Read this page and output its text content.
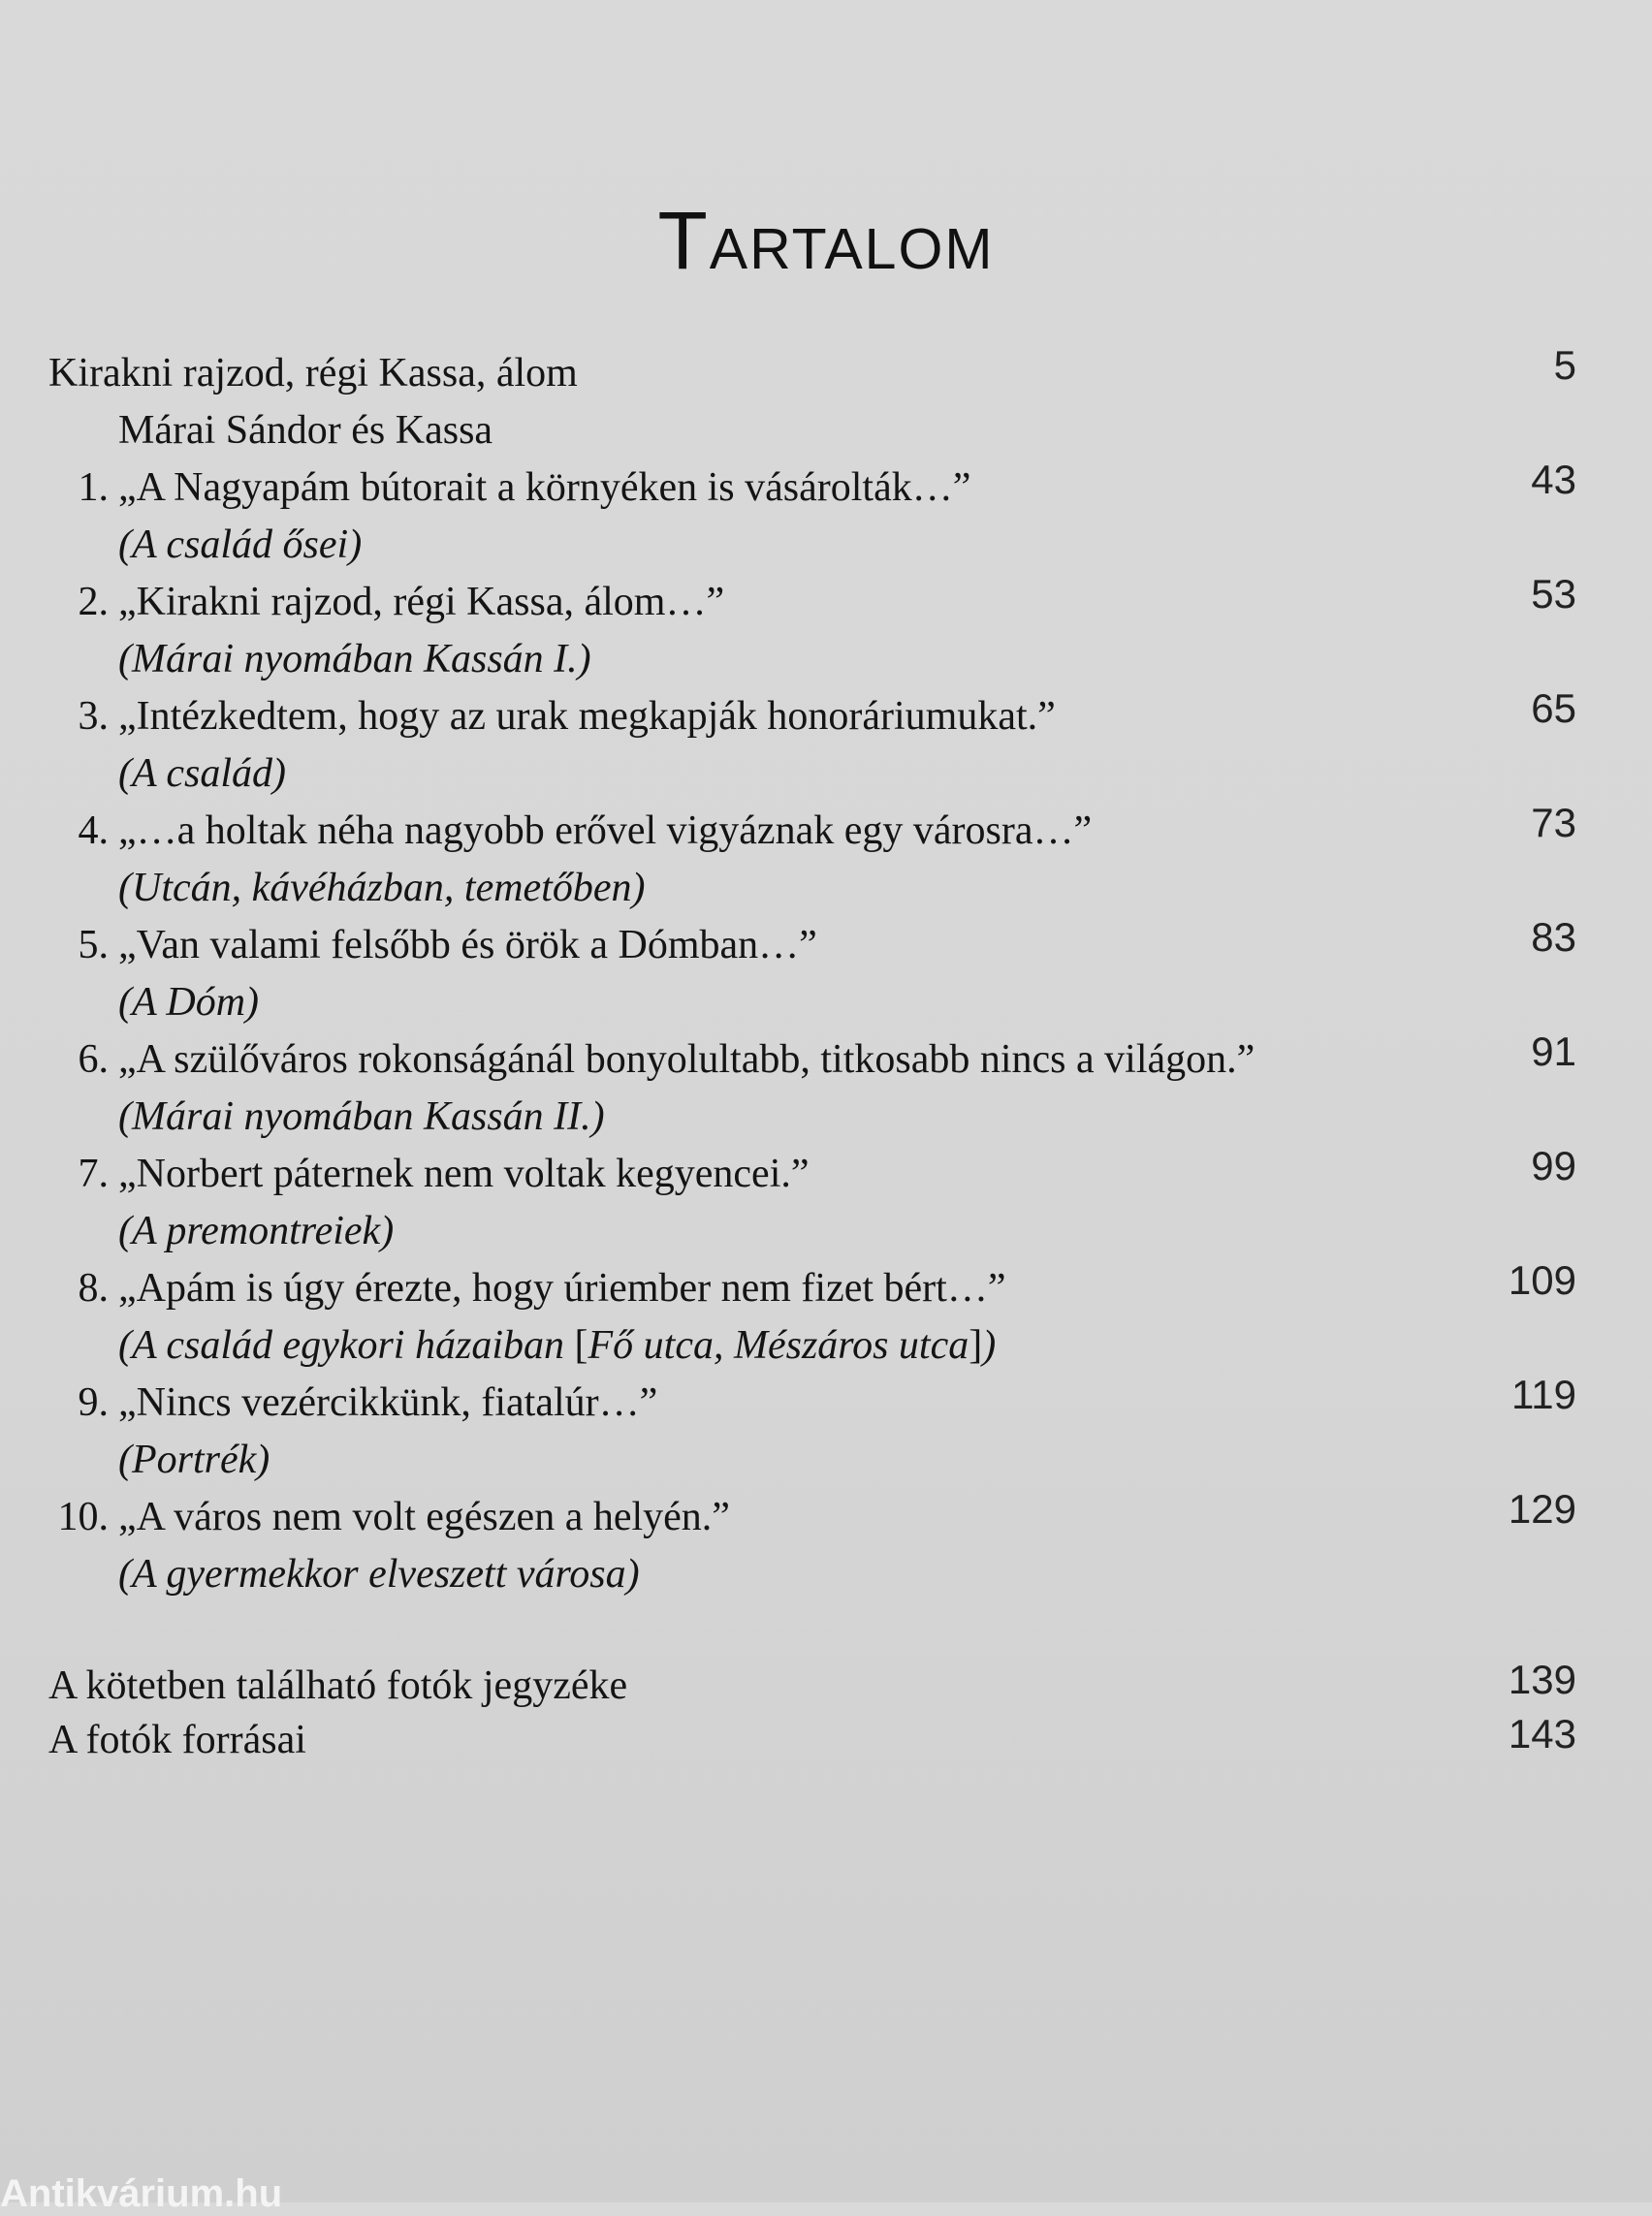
Tartalom
Kirakni rajzod, régi Kassa, álom	5
Márai Sándor és Kassa
1. „A Nagyapám bútorait a környéken is vásárolták…”	43
(A család ősei)
2. „Kirakni rajzod, régi Kassa, álom…”	53
(Márai nyomában Kassán I.)
3. „Intézkedtem, hogy az urak megkapják honoráriumukat.”	65
(A család)
4. „…a holtak néha nagyobb erővel vigyáznak egy városra…”	73
(Utcán, kávéházban, temetőben)
5. „Van valami felsőbb és örök a Dómban…”	83
(A Dóm)
6. „A szülőváros rokonságánál bonyolultabb, titkosabb nincs a világon.”	91
(Márai nyomában Kassán II.)
7. „Norbert páternek nem voltak kegyencei.”	99
(A premontreiek)
8. „Apám is úgy érezte, hogy úriember nem fizet bért…”	109
(A család egykori házaiban [Fő utca, Mészáros utca])
9. „Nincs vezércikkünk, fiatalúr…”	119
(Portrék)
10. „A város nem volt egészen a helyén.”	129
(A gyermekkor elveszett városa)
A kötetben található fotók jegyzéke	139
A fotók forrásai	143
Antikvárium.hu
